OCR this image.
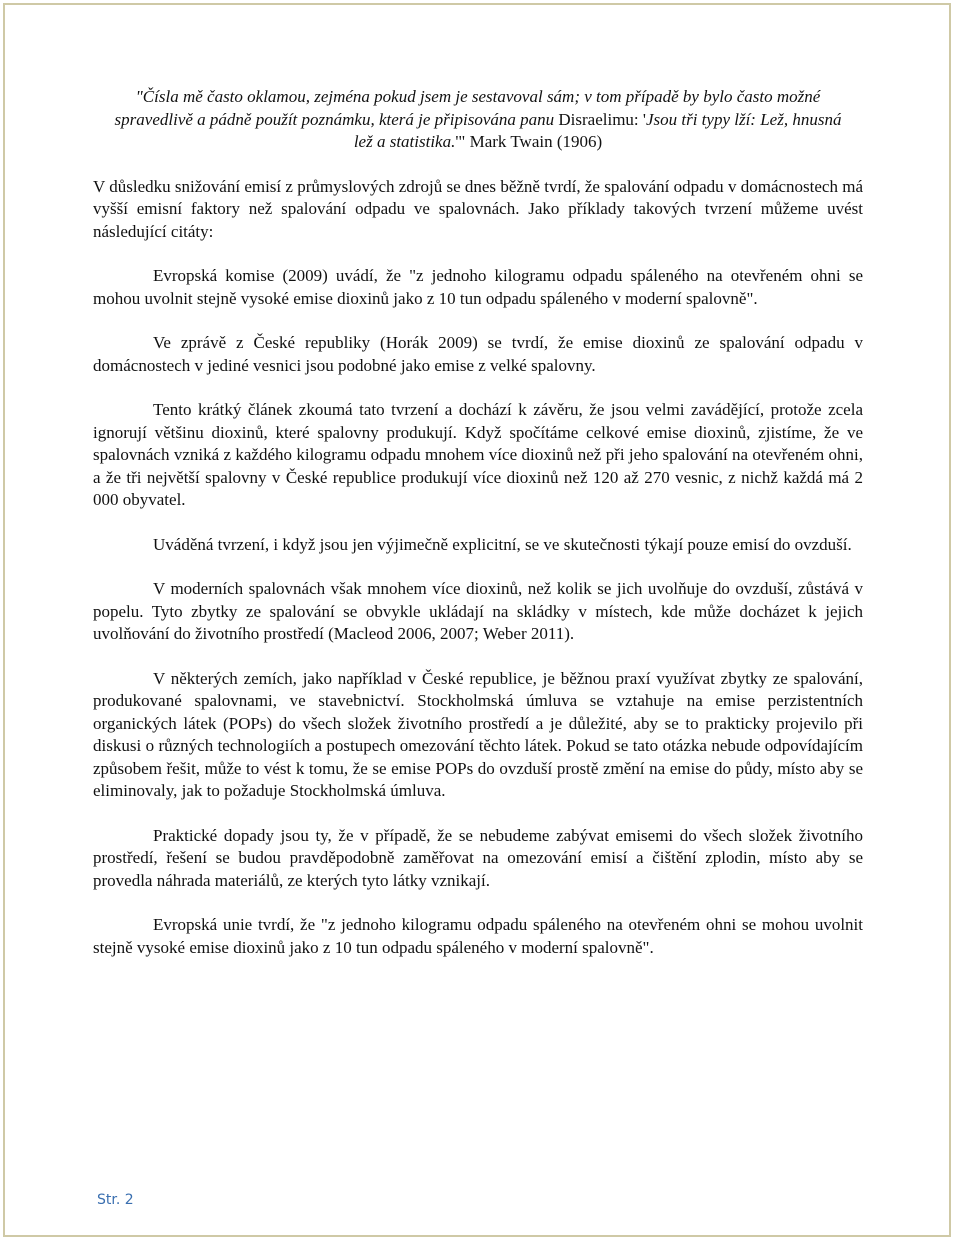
"Čísla mě často oklamou, zejména pokud jsem je sestavoval sám; v tom případě by bylo často možné spravedlivě a pádně použít poznámku, která je připisována panu Disraelimu: 'Jsou tři typy lží: Lež, hnusná lež a statistika.'" Mark Twain (1906)

V důsledku snižování emisí z průmyslových zdrojů se dnes běžně tvrdí, že spalování odpadu v domácnostech má vyšší emisní faktory než spalování odpadu ve spalovnách. Jako příklady takových tvrzení můžeme uvést následující citáty:

Evropská komise (2009) uvádí, že "z jednoho kilogramu odpadu spáleného na otevřeném ohni se mohou uvolnit stejně vysoké emise dioxinů jako z 10 tun odpadu spáleného v moderní spalovně".

Ve zprávě z České republiky (Horák 2009) se tvrdí, že emise dioxinů ze spalování odpadu v domácnostech v jediné vesnici jsou podobné jako emise z velké spalovny.

Tento krátký článek zkoumá tato tvrzení a dochází k závěru, že jsou velmi zavádějící, protože zcela ignorují většinu dioxinů, které spalovny produkují. Když spočítáme celkové emise dioxinů, zjistíme, že ve spalovnách vzniká z každého kilogramu odpadu mnohem více dioxinů než při jeho spalování na otevřeném ohni, a že tři největší spalovny v České republice produkují více dioxinů než 120 až 270 vesnic, z nichž každá má 2 000 obyvatel.

Uváděná tvrzení, i když jsou jen výjimečně explicitní, se ve skutečnosti týkají pouze emisí do ovzduší.

V moderních spalovnách však mnohem více dioxinů, než kolik se jich uvolňuje do ovzduší, zůstává v popelu. Tyto zbytky ze spalování se obvykle ukládají na skládky v místech, kde může docházet k jejich uvolňování do životního prostředí (Macleod 2006, 2007; Weber 2011).

V některých zemích, jako například v České republice, je běžnou praxí využívat zbytky ze spalování, produkované spalovnami, ve stavebnictví. Stockholmská úmluva se vztahuje na emise perzistentních organických látek (POPs) do všech složek životního prostředí a je důležité, aby se to prakticky projevilo při diskusi o různých technologiích a postupech omezování těchto látek. Pokud se tato otázka nebude odpovídajícím způsobem řešit, může to vést k tomu, že se emise POPs do ovzduší prostě změní na emise do půdy, místo aby se eliminovaly, jak to požaduje Stockholmská úmluva.

Praktické dopady jsou ty, že v případě, že se nebudeme zabývat emisemi do všech složek životního prostředí, řešení se budou pravděpodobně zaměřovat na omezování emisí a čištění zplodin, místo aby se provedla náhrada materiálů, ze kterých tyto látky vznikají.

Evropská unie tvrdí, že "z jednoho kilogramu odpadu spáleného na otevřeném ohni se mohou uvolnit stejně vysoké emise dioxinů jako z 10 tun odpadu spáleného v moderní spalovně".

Str. 2
